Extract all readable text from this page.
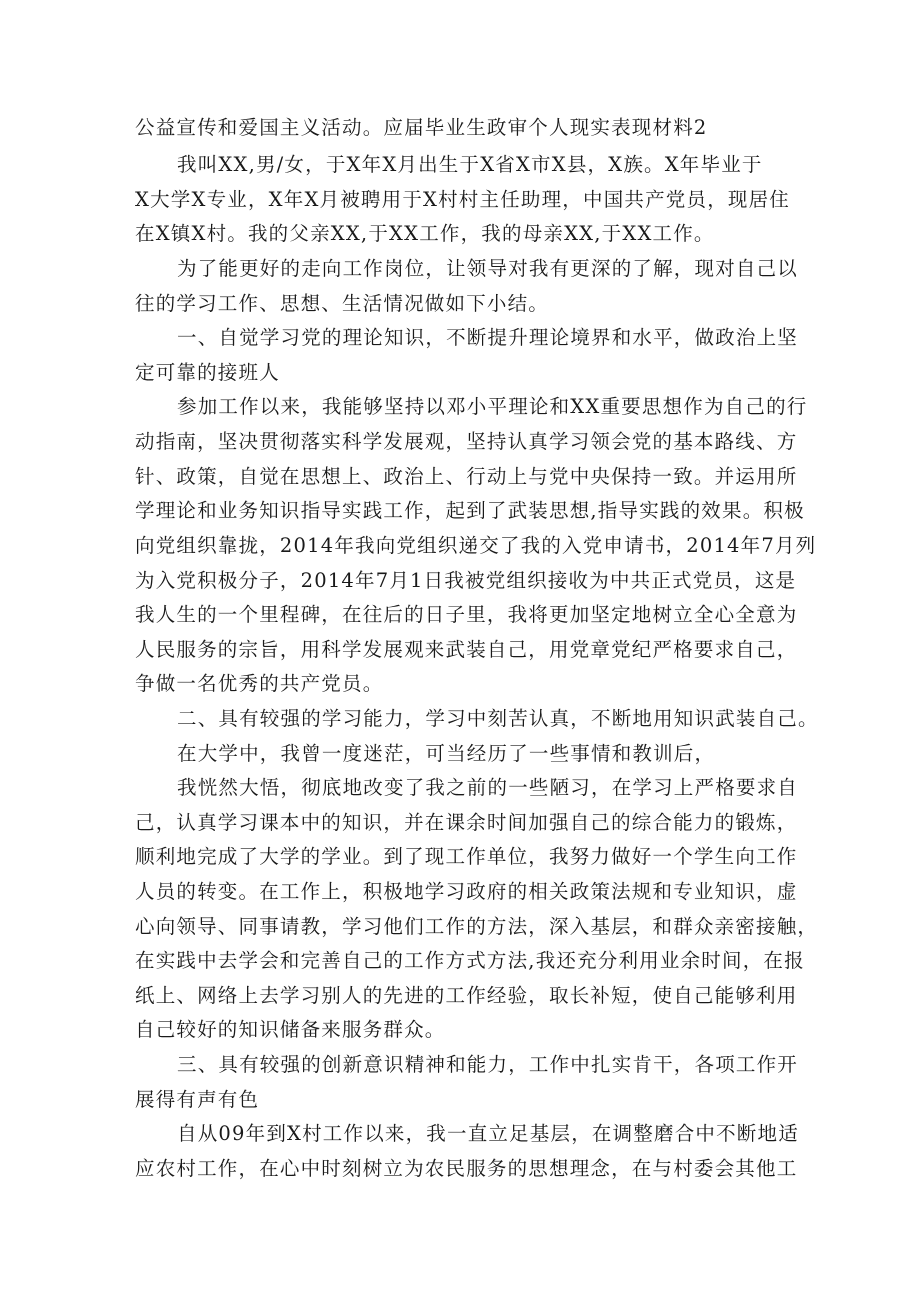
公益宣传和爱国主义活动。应届毕业生政审个人现实表现材料2

我叫XX,男/女，于X年X月出生于X省X市X县，X族。X年毕业于

X大学X专业，X年X月被聘用于X村村主任助理，中国共产党员，现居住

在X镇X村。我的父亲XX,于XX工作，我的母亲XX,于XX工作。

为了能更好的走向工作岗位，让领导对我有更深的了解，现对自己以

往的学习工作、思想、生活情况做如下小结。

一、自觉学习党的理论知识，不断提升理论境界和水平，做政治上坚

定可靠的接班人

参加工作以来，我能够坚持以邓小平理论和XX重要思想作为自己的行

动指南，坚决贯彻落实科学发展观，坚持认真学习领会党的基本路线、方

针、政策，自觉在思想上、政治上、行动上与党中央保持一致。并运用所

学理论和业务知识指导实践工作，起到了武装思想,指导实践的效果。积极

向党组织靠拢，2014年我向党组织递交了我的入党申请书，2014年7月列

为入党积极分子，2014年7月1日我被党组织接收为中共正式党员，这是

我人生的一个里程碑，在往后的日子里，我将更加坚定地树立全心全意为

人民服务的宗旨，用科学发展观来武装自己，用党章党纪严格要求自己，

争做一名优秀的共产党员。

二、具有较强的学习能力，学习中刻苦认真，不断地用知识武装自己。

在大学中，我曾一度迷茫，可当经历了一些事情和教训后，

我恍然大悟，彻底地改变了我之前的一些陋习，在学习上严格要求自

己，认真学习课本中的知识，并在课余时间加强自己的综合能力的锻炼，

顺利地完成了大学的学业。到了现工作单位，我努力做好一个学生向工作

人员的转变。在工作上，积极地学习政府的相关政策法规和专业知识，虚

心向领导、同事请教，学习他们工作的方法，深入基层，和群众亲密接触，

在实践中去学会和完善自己的工作方式方法,我还充分利用业余时间，在报

纸上、网络上去学习别人的先进的工作经验，取长补短，使自己能够利用

自己较好的知识储备来服务群众。

三、具有较强的创新意识精神和能力，工作中扎实肯干，各项工作开

展得有声有色

自从09年到X村工作以来，我一直立足基层，在调整磨合中不断地适

应农村工作，在心中时刻树立为农民服务的思想理念，在与村委会其他工
